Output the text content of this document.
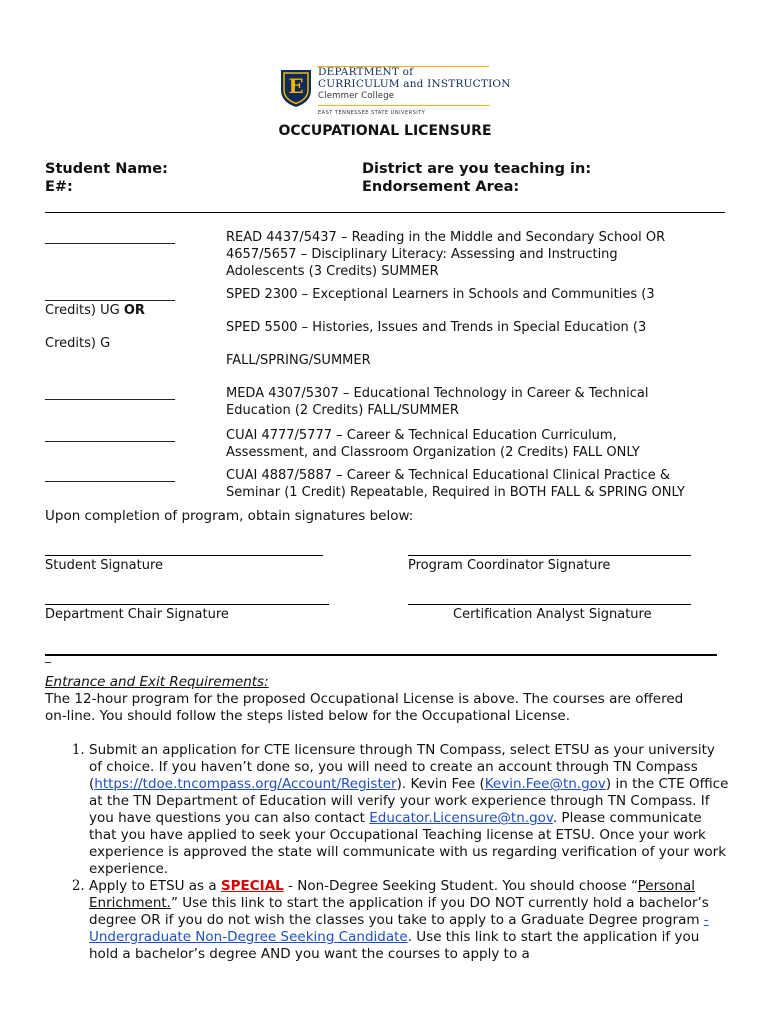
E
DEPARTMENT of
CURRICULUM and INSTRUCTION
Clemmer College
EAST TENNESSEE STATE UNIVERSITY
OCCUPATIONAL LICENSURE
Student Name:
E#:
District are you teaching in:
Endorsement Area:
____________________	READ 4437/5437 – Reading in the Middle and Secondary School OR
4657/5657 – Disciplinary Literacy: Assessing and Instructing
Adolescents (3 Credits) SUMMER
____________________	SPED 2300 – Exceptional Learners in Schools and Communities (3
Credits) UG OR
SPED 5500 – Histories, Issues and Trends in Special Education (3
Credits) G
FALL/SPRING/SUMMER
____________________	MEDA 4307/5307 – Educational Technology in Career & Technical
Education (2 Credits) FALL/SUMMER
____________________	CUAI 4777/5777 – Career & Technical Education Curriculum,
Assessment, and Classroom Organization (2 Credits) FALL ONLY
____________________	CUAI 4887/5887 – Career & Technical Educational Clinical Practice &
Seminar (1 Credit) Repeatable, Required in BOTH FALL & SPRING ONLY
Upon completion of program, obtain signatures below:
Student Signature	Program Coordinator Signature
Department Chair Signature	Certification Analyst Signature
_
Entrance and Exit Requirements:
The 12-hour program for the proposed Occupational License is above. The courses are offered
on-line. You should follow the steps listed below for the Occupational License.
1. Submit an application for CTE licensure through TN Compass, select ETSU as your university of choice. If you haven’t done so, you will need to create an account through TN Compass (https://tdoe.tncompass.org/Account/Register). Kevin Fee (Kevin.Fee@tn.gov) in the CTE Office at the TN Department of Education will verify your work experience through TN Compass. If you have questions you can also contact Educator.Licensure@tn.gov. Please communicate that you have applied to seek your Occupational Teaching license at ETSU. Once your work experience is approved the state will communicate with us regarding verification of your work experience.
2. Apply to ETSU as a SPECIAL - Non-Degree Seeking Student. You should choose “Personal Enrichment.” Use this link to start the application if you DO NOT currently hold a bachelor’s degree OR if you do not wish the classes you take to apply to a Graduate Degree program - Undergraduate Non-Degree Seeking Candidate. Use this link to start the application if you hold a bachelor’s degree AND you want the courses to apply to a
